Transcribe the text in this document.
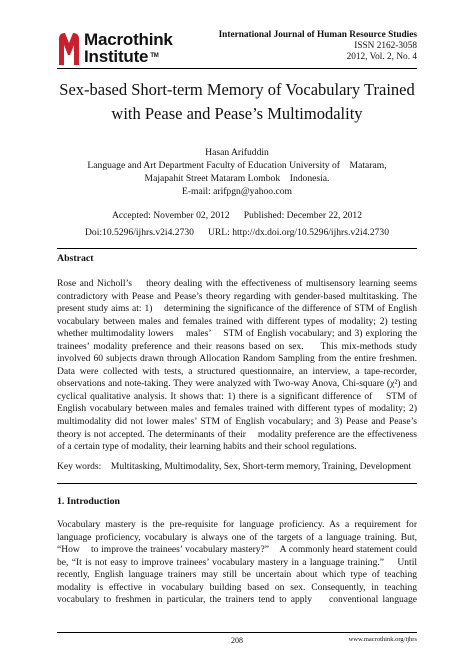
Macrothink
Institute ™
International Journal of Human Resource Studies
ISSN 2162-3058
2012, Vol. 2, No. 4
Sex-based Short-term Memory of Vocabulary Trained
with Pease and Pease’s Multimodality
Hasan Arifuddin
Language and Art Department Faculty of Education University of    Mataram,
Majapahit Street Mataram Lombok    Indonesia.
E-mail: arifpgn@yahoo.com
Accepted: November 02, 2012 Published: December 22, 2012
Doi:10.5296/ijhrs.v2i4.2730 URL: http://dx.doi.org/10.5296/ijhrs.v2i4.2730
Abstract
Rose and Nicholl’s    theory dealing with the effectiveness of multisensory learning seems
contradictory with Pease and Pease’s theory regarding with gender-based multitasking. The
present study aims at: 1)    determining the significance of the difference of STM of English
vocabulary between males and females trained with different types of modality; 2) testing
whether multimodality lowers    males’    STM of English vocabulary; and 3) exploring the
trainees’ modality preference and their reasons based on sex.    This mix-methods study
involved 60 subjects drawn through Allocation Random Sampling from the entire freshmen.
Data were collected with tests, a structured questionnaire, an interview, a tape-recorder,
observations and note-taking. They were analyzed with Two-way Anova, Chi-square (χ²) and
cyclical qualitative analysis. It shows that: 1) there is a significant difference of    STM of
English vocabulary between males and females trained with different types of modality; 2)
multimodality did not lower males’ STM of English vocabulary; and 3) Pease and Pease’s
theory is not accepted. The determinants of their    modality preference are the effectiveness
of a certain type of modality, their learning habits and their school regulations.
Key words:    Multitasking, Multimodality, Sex, Short-term memory, Training, Development
1. Introduction
Vocabulary mastery is the pre-requisite for language proficiency. As a requirement for
language proficiency, vocabulary is always one of the targets of a language training. But,
“How    to improve the trainees’ vocabulary mastery?”    A commonly heard statement could
be, “It is not easy to improve trainees’ vocabulary mastery in a language training.”    Until
recently, English language trainers may still be uncertain about which type of teaching
modality is effective in vocabulary building based on sex. Consequently, in teaching
vocabulary to freshmen in particular, the trainers tend to apply    conventional language
208	www.macrothink.org/ijhrs
